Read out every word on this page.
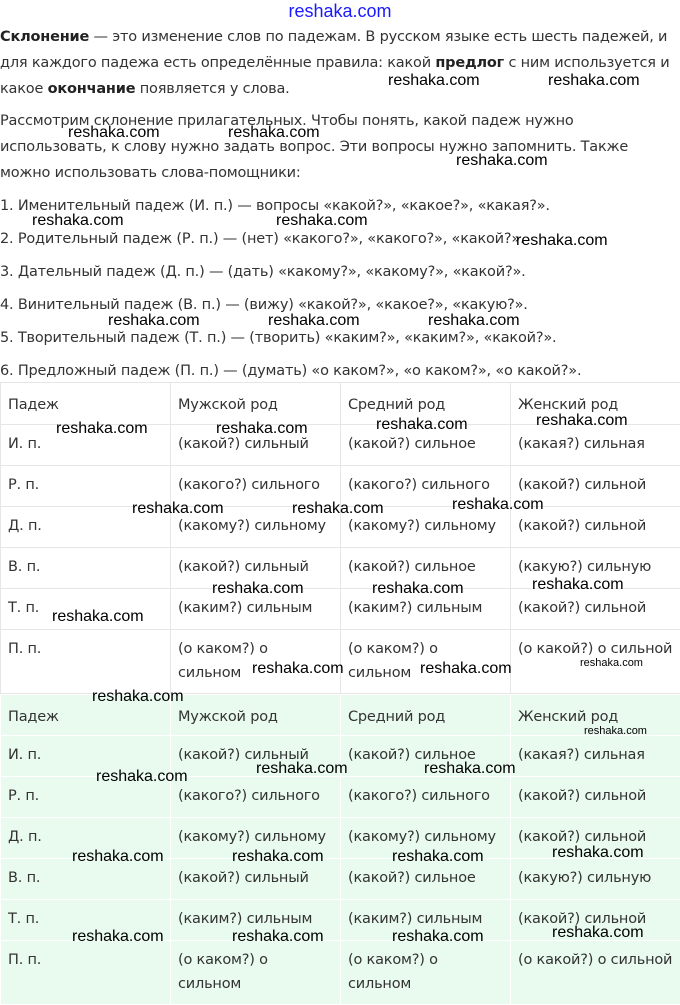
reshaka.com

Склонение — это изменение слов по падежам. В русском языке есть шесть падежей, и для каждого падежа есть определённые правила: какой предлог с ним используется и какое окончание появляется у слова.

Рассмотрим склонение прилагательных. Чтобы понять, какой падеж нужно использовать, к слову нужно задать вопрос. Эти вопросы нужно запомнить. Также можно использовать слова-помощники:

1. Именительный падеж (И. п.) — вопросы «какой?», «какое?», «какая?».

2. Родительный падеж (Р. п.) — (нет) «какого?», «какого?», «какой?».

3. Дательный падеж (Д. п.) — (дать) «какому?», «какому?», «какой?».

4. Винительный падеж (В. п.) — (вижу) «какой?», «какое?», «какую?».

5. Творительный падеж (Т. п.) — (творить) «каким?», «каким?», «какой?».

6. Предложный падеж (П. п.) — (думать) «о каком?», «о каком?», «о какой?».

Падеж	Мужской род	Средний род	Женский род
И. п.	(какой?) сильный	(какой?) сильное	(какая?) сильная
Р. п.	(какого?) сильного	(какого?) сильного	(какой?) сильной
Д. п.	(какому?) сильному	(какому?) сильному	(какой?) сильной
В. п.	(какой?) сильный	(какой?) сильное	(какую?) сильную
Т. п.	(каким?) сильным	(каким?) сильным	(какой?) сильной
П. п.	(о каком?) о сильном	(о каком?) о сильном	(о какой?) о сильной
Падеж	Мужской род	Средний род	Женский род
И. п.	(какой?) сильный	(какой?) сильное	(какая?) сильная
Р. п.	(какого?) сильного	(какого?) сильного	(какой?) сильной
Д. п.	(какому?) сильному	(какому?) сильному	(какой?) сильной
В. п.	(какой?) сильный	(какой?) сильное	(какую?) сильную
Т. п.	(каким?) сильным	(каким?) сильным	(какой?) сильной
П. п.	(о каком?) о сильном	(о каком?) о сильном	(о какой?) о сильной
reshaka.com	reshaka.com
reshaka.com	reshaka.com
reshaka.com
reshaka.com	reshaka.com
reshaka.com
reshaka.com	reshaka.com	reshaka.com
reshaka.com	reshaka.com	reshaka.com	reshaka.com
reshaka.com	reshaka.com	reshaka.com
reshaka.com	reshaka.com	reshaka.com
reshaka.com
reshaka.com	reshaka.com	reshaka.com
reshaka.com
reshaka.com
reshaka.com	reshaka.com
reshaka.com
reshaka.com
reshaka.com	reshaka.com	reshaka.com
reshaka.com
reshaka.com	reshaka.com	reshaka.com
